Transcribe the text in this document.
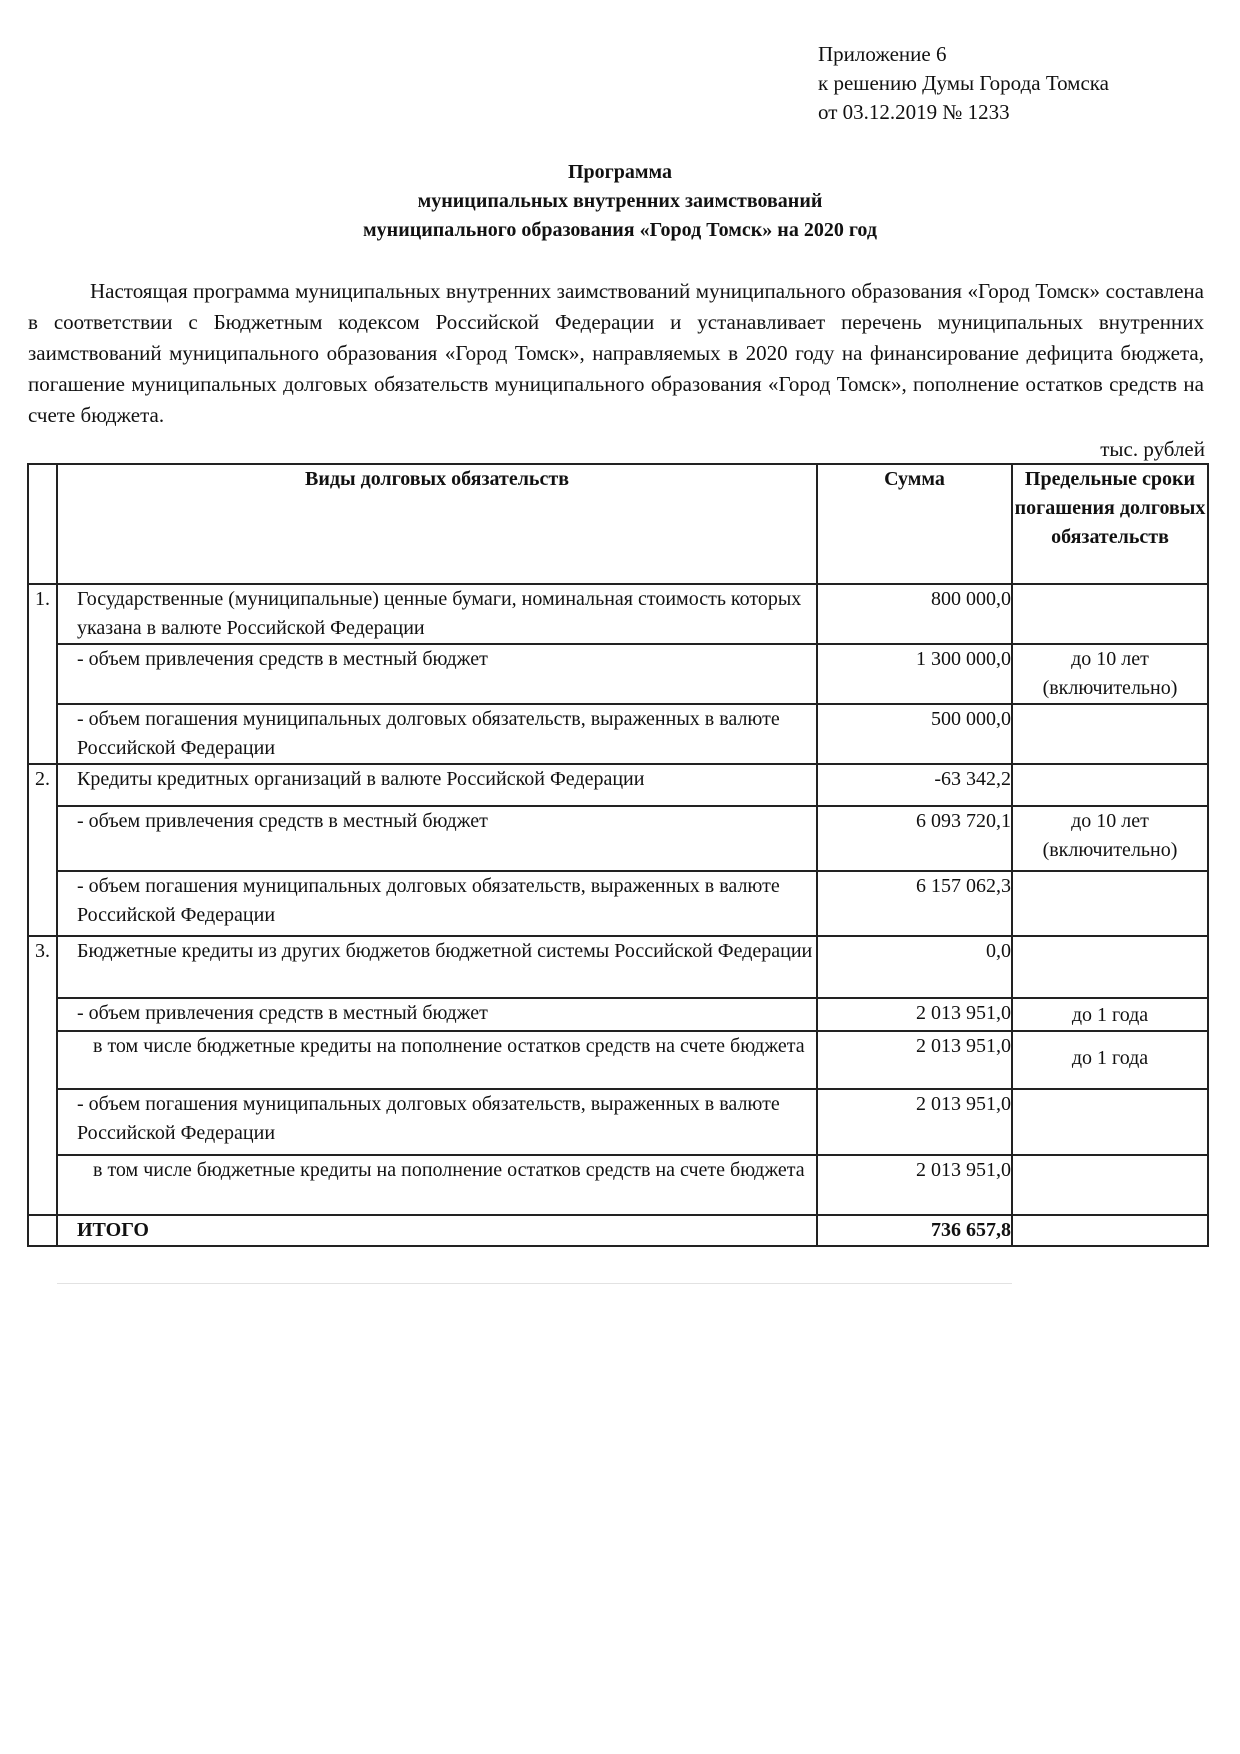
Приложение 6
к решению Думы Города Томска
от 03.12.2019 № 1233
Программа
муниципальных внутренних заимствований
муниципального образования «Город Томск» на 2020 год

Настоящая программа муниципальных внутренних заимствований муниципального образования «Город Томск» составлена в соответствии с Бюджетным кодексом Российской Федерации и устанавливает перечень муниципальных внутренних заимствований муниципального образования «Город Томск», направляемых в 2020 году на финансирование дефицита бюджета, погашение муниципальных долговых обязательств муниципального образования «Город Томск», пополнение остатков средств на счете бюджета.

тыс. рублей
	Виды долговых обязательств	Сумма	Предельные сроки погашения долговых обязательств
1.	Государственные (муниципальные) ценные бумаги, номинальная стоимость которых указана в валюте Российской Федерации	800 000,0	
	- объем привлечения средств в местный бюджет	1 300 000,0	до 10 лет (включительно)
	- объем погашения муниципальных долговых обязательств, выраженных в валюте Российской Федерации	500 000,0	
2.	Кредиты кредитных организаций в валюте Российской Федерации	-63 342,2	
	- объем привлечения средств в местный бюджет	6 093 720,1	до 10 лет (включительно)
	- объем погашения муниципальных долговых обязательств, выраженных в валюте Российской Федерации	6 157 062,3	
3.	Бюджетные кредиты из других бюджетов бюджетной системы Российской Федерации	0,0	
	- объем привлечения средств в местный бюджет	2 013 951,0	до 1 года
	в том числе бюджетные кредиты на пополнение остатков средств на счете бюджета	2 013 951,0	до 1 года
	- объем погашения муниципальных долговых обязательств, выраженных в валюте Российской Федерации	2 013 951,0	
	в том числе бюджетные кредиты на пополнение остатков средств на счете бюджета	2 013 951,0	
	ИТОГО	736 657,8	
